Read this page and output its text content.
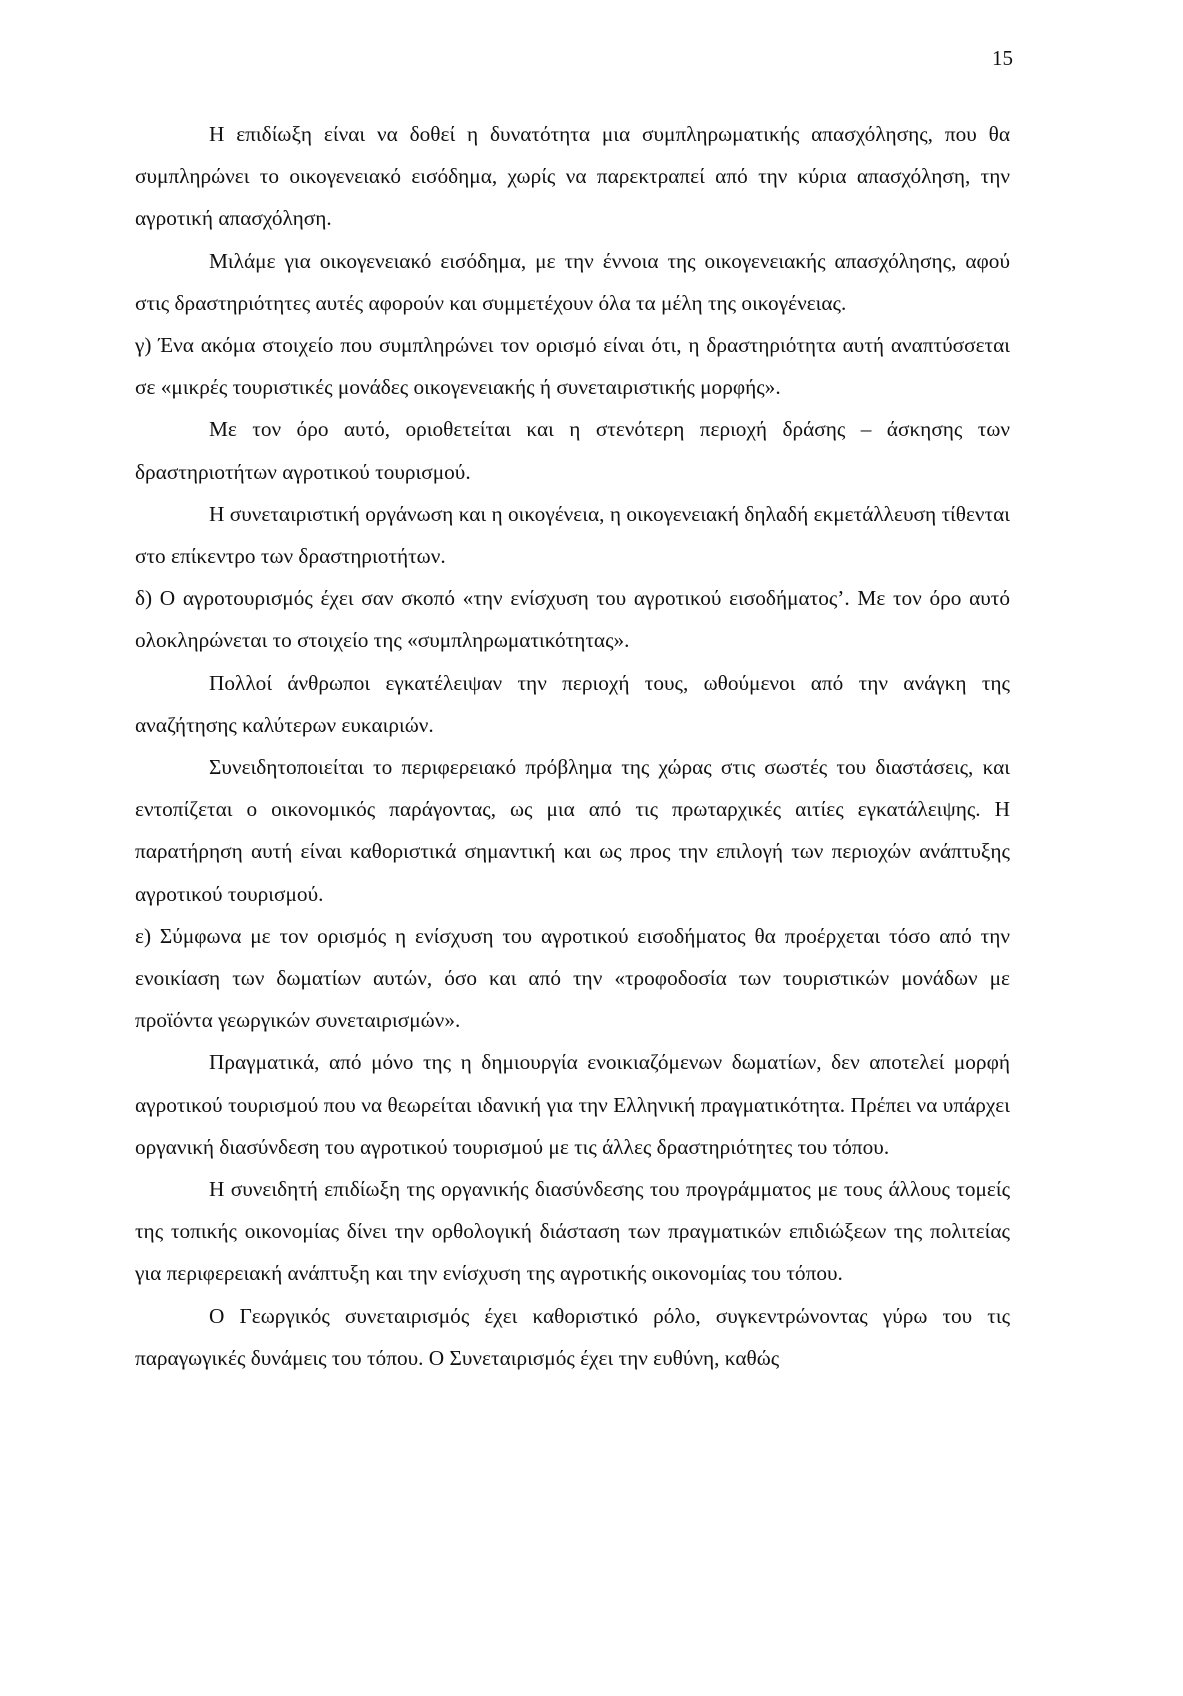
15

Η επιδίωξη είναι να δοθεί η δυνατότητα μια συμπληρωματικής απασχόλησης, που θα συμπληρώνει το οικογενειακό εισόδημα, χωρίς να παρεκτραπεί από την κύρια απασχόληση, την αγροτική απασχόληση.

Μιλάμε για οικογενειακό εισόδημα, με την έννοια της οικογενειακής απασχόλησης, αφού στις δραστηριότητες αυτές αφορούν και συμμετέχουν όλα τα μέλη της οικογένειας.

γ) Ένα ακόμα στοιχείο που συμπληρώνει τον ορισμό είναι ότι, η δραστηριότητα αυτή αναπτύσσεται σε «μικρές τουριστικές μονάδες οικογενειακής ή συνεταιριστικής μορφής».

Με τον όρο αυτό, οριοθετείται και η στενότερη περιοχή δράσης – άσκησης των δραστηριοτήτων αγροτικού τουρισμού.

Η συνεταιριστική οργάνωση και η οικογένεια, η οικογενειακή δηλαδή εκμετάλλευση τίθενται στο επίκεντρο των δραστηριοτήτων.

δ) Ο αγροτουρισμός έχει σαν σκοπό «την ενίσχυση του αγροτικού εισοδήματος’. Με τον όρο αυτό ολοκληρώνεται το στοιχείο της «συμπληρωματικότητας».

Πολλοί άνθρωποι εγκατέλειψαν την περιοχή τους, ωθούμενοι από την ανάγκη της αναζήτησης καλύτερων ευκαιριών.

Συνειδητοποιείται το περιφερειακό πρόβλημα της χώρας στις σωστές του διαστάσεις, και εντοπίζεται ο οικονομικός παράγοντας, ως μια από τις πρωταρχικές αιτίες εγκατάλειψης. Η παρατήρηση αυτή είναι καθοριστικά σημαντική και ως προς την επιλογή των περιοχών ανάπτυξης αγροτικού τουρισμού.

ε) Σύμφωνα με τον ορισμός η ενίσχυση του αγροτικού εισοδήματος θα προέρχεται τόσο από την ενοικίαση των δωματίων αυτών, όσο και από την «τροφοδοσία των τουριστικών μονάδων με προϊόντα γεωργικών συνεταιρισμών».

Πραγματικά, από μόνο της η δημιουργία ενοικιαζόμενων δωματίων, δεν αποτελεί μορφή αγροτικού τουρισμού που να θεωρείται ιδανική για την Ελληνική πραγματικότητα. Πρέπει να υπάρχει οργανική διασύνδεση του αγροτικού τουρισμού με τις άλλες δραστηριότητες του τόπου.

Η συνειδητή επιδίωξη της οργανικής διασύνδεσης του προγράμματος με τους άλλους τομείς της τοπικής οικονομίας δίνει την ορθολογική διάσταση των πραγματικών επιδιώξεων της πολιτείας για περιφερειακή ανάπτυξη και την ενίσχυση της αγροτικής οικονομίας του τόπου.

Ο Γεωργικός συνεταιρισμός έχει καθοριστικό ρόλο, συγκεντρώνοντας γύρω του τις παραγωγικές δυνάμεις του τόπου. Ο Συνεταιρισμός έχει την ευθύνη, καθώς
